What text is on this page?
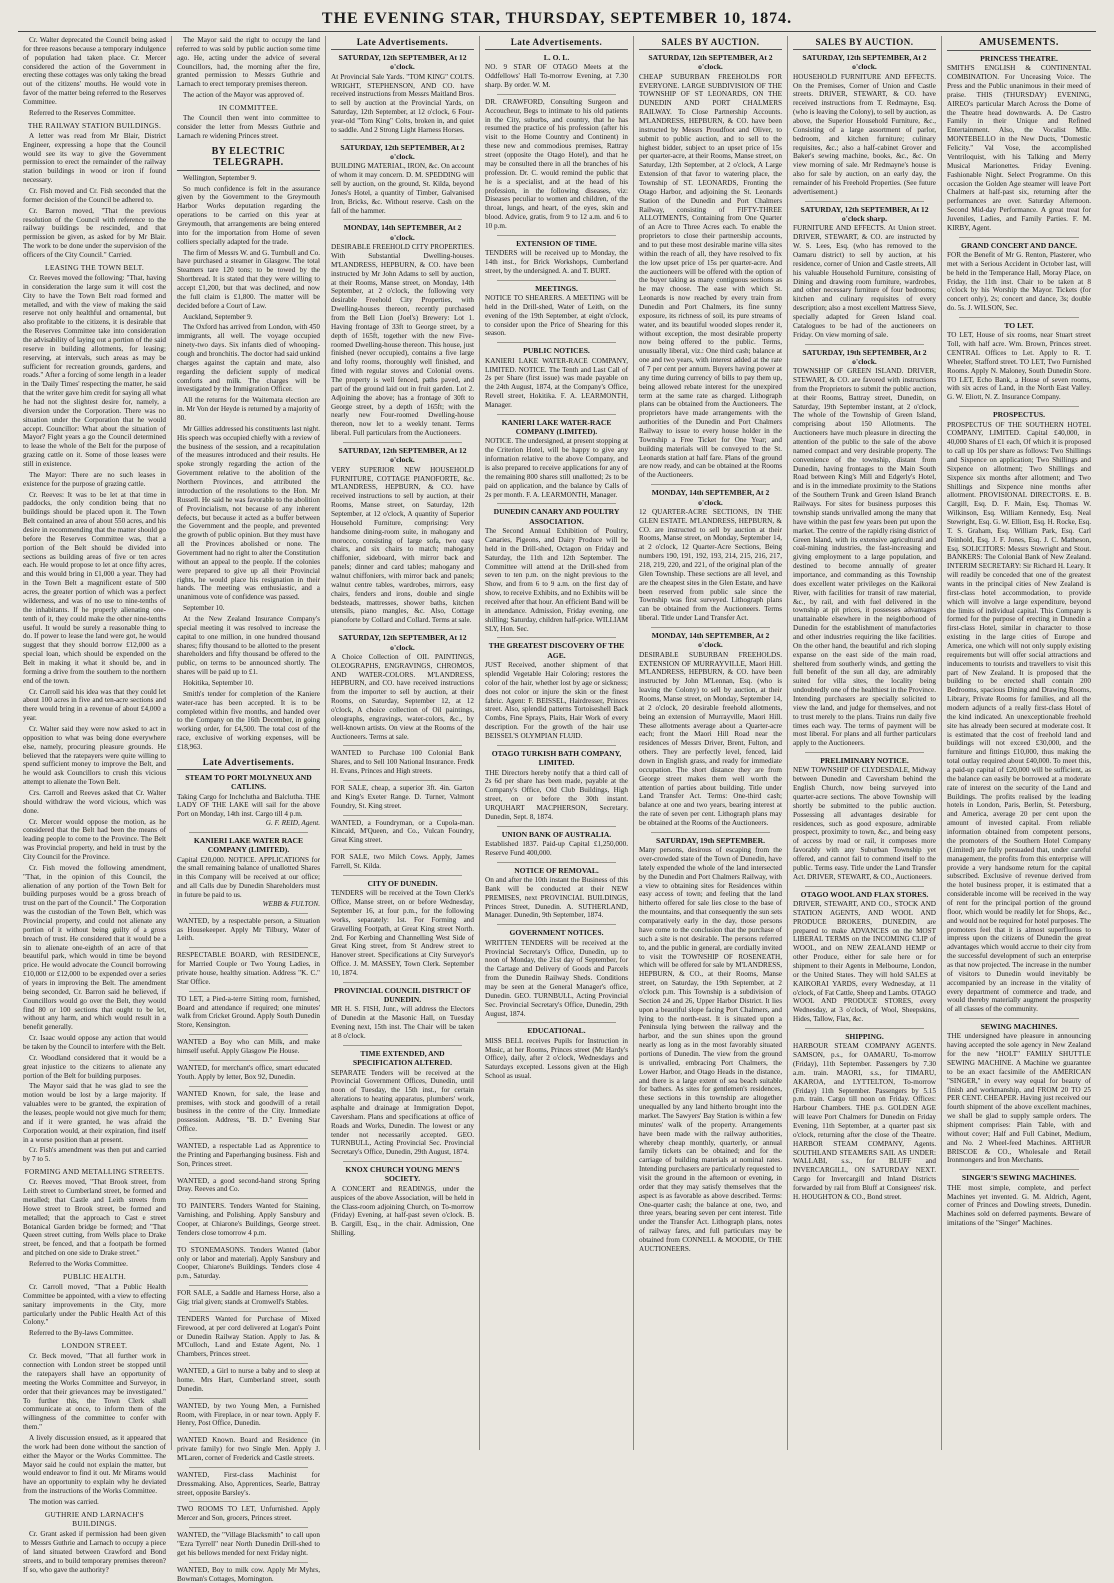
THE EVENING STAR, THURSDAY, SEPTEMBER 10, 1874.

Cr. Walter deprecated the Council being asked for three reasons because a temporary indulgence of population had taken place. Cr. Mercer considered the action of the Government in erecting these cottages was only taking the bread out of the citizens' mouths. He would vote in favor of the matter being referred to the Reserves Committee.

Referred to the Reserves Committee.

THE RAILWAY STATION BUILDINGS.

A letter was read from Mr Blair, District Engineer, expressing a hope that the Council would see its way to give the Government permission to erect the remainder of the railway station buildings in wood or iron if found necessary.

Cr. Fish moved and Cr. Fish seconded that the former decision of the Council be adhered to.

Cr. Barron moved, "That the previous resolution of the Council with reference to the railway buildings be rescinded, and that permission be given, as asked for by Mr Blair. The work to be done under the supervision of the officers of the City Council." Carried.

LEASING THE TOWN BELT.

Cr. Reeves moved the following: "That, having in consideration the large sum it will cost the City to have the Town Belt road formed and metalled, and with the view of making the said reserve not only healthful and ornamental, but also profitable to the citizens, it is desirable that the Reserves Committee take into consideration the advisability of laying out a portion of the said reserve in building allotments, for leasing; reserving, at intervals, such areas as may be sufficient for recreation grounds, gardens, and roads." After a forcing of some length in a leader in the 'Daily Times' respecting the matter, he said that the writer gave him credit for saying all what he had not the slightest desire for, namely, a diversion under the Corporation. There was no situation under the Corporation that he would accept. Councillor: What about the situation of Mayor? Fight years a go the Council determined to lease the whole of the Belt for the purpose of grazing cattle on it. Some of those leases were still in existence.

The Mayor: There are no such leases in existence for the purpose of grazing cattle.

Cr. Reeves: It was to be let at that time in paddocks, the only condition being that no buildings should be placed upon it. The Town Belt contained an area of about 550 acres, and his desire in recommending that the matter should go before the Reserves Committee was, that a portion of the Belt should be divided into sections as building areas of five or ten acres each. He would propose to let at once fifty acres, and this would bring in £1,000 a year. They had in the Town Belt a magnificent estate of 500 acres, the greater portion of which was a perfect wilderness, and was of no use to nine-tenths of the inhabitants. If he properly alienating one-tenth of it, they could make the other nine-tenths useful. It would be surely a reasonable thing to do. If power to lease the land were got, he would suggest that they should borrow £12,000 as a special loan, which should be expended on the Belt in making it what it should be, and in forming a drive from the southern to the northern end of the town.

Cr. Carroll said his idea was that they could let about 100 acres in five and ten-acre sections and there would bring in a revenue of about £4,000 a year.

Cr. Walter said they were now asked to act in opposition to what was being done everywhere else, namely, procuring pleasure grounds. He believed that the ratepayers were quite willing to spend sufficient money to improve the Belt, and he would ask Councillors to crush this vicious attempt to alienate the Town Belt.

Crs. Carroll and Reeves asked that Cr. Walter should withdraw the word vicious, which was done.

Cr. Mercer would oppose the motion, as he considered that the Belt had been the means of leading people to come to the Province. The Belt was Provincial property, and held in trust by the City Council for the Province.

Cr. Fish moved the following amendment, "That, in the opinion of this Council, the alienation of any portion of the Town Belt for building purposes would be a gross breach of trust on the part of the Council." The Corporation was the custodian of the Town Belt, which was Provincial property, and could not alienate any portion of it without being guilty of a gross breach of trust. He considered that it would be a sin to alienate one-eighth of an acre of that beautiful park, which would in time be beyond price. He would advocate the Council borrowing £10,000 or £12,000 to be expended over a series of years in improving the Belt. The amendment being seconded, Cr. Barron said he believed, if Councillors would go over the Belt, they would find 80 or 100 sections that ought to be let, without any harm, and which would result in a benefit generally.

Cr. Isaac would oppose any action that would be taken by the Council to interfere with the Belt.

Cr. Woodland considered that it would be a great injustice to the citizens to alienate any portion of the Belt for building purposes.

The Mayor said that he was glad to see the motion would be lost by a large majority. If valuables were to be granted, the expiration of the leases, people would not give much for them; and if it were granted, he was afraid the Corporation would, at their expiration, find itself in a worse position than at present.

Cr. Fish's amendment was then put and carried by 7 to 5.

FORMING AND METALLING STREETS.

Cr. Reeves moved, "That Brook street, from Leith street to Cumberland street, be formed and metalled; that Castle and Leith streets from Howe street to Brook street, be formed and metalled; that the approach to Cast e street Botanical Garden bridge be formed; and "That Queen street cutting, from Wells place to Drake street, be fenced, and that a footpath be formed and pitched on one side to Drake street."

Referred to the Works Committee.

PUBLIC HEALTH.

Cr. Carroll moved, "That a Public Health Committee be appointed, with a view to effecting sanitary improvements in the City, more particularly under the Public Health Act of this Colony."

Referred to the By-laws Committee.

LONDON STREET.

Cr. Beck moved, "That all further work in connection with London street be stopped until the ratepayers shall have an opportunity of meeting the Works Committee and Surveyor, in order that their grievances may be investigated." To further this, the Town Clerk shall communicate at once, to inform them of the willingness of the committee to confer with them."

A lively discussion ensued, as it appeared that the work had been done without the sanction of either the Mayor or the Works Committee. The Mayor said he could not explain the matter, but would endeavor to find it out. Mr Mirams would have an opportunity to explain why he deviated from the instructions of the Works Committee.

The motion was carried.

GUTHRIE AND LARNACH'S BUILDINGS.

Cr. Grant asked if permission had been given to Messrs Guthrie and Larnach to occupy a piece of land situated between Crawford and Bond streets, and to build temporary premises thereon? If so, who gave the authority?

The Mayor said the right to occupy the land referred to was sold by public auction some time ago. He, acting under the advice of several Councillors, had, the morning after the fire, granted permission to Messrs Guthrie and Larnach to erect temporary premises thereon.

The action of the Mayor was approved of.

IN COMMITTEE.

The Council then went into committee to consider the letter from Messrs Guthrie and Larnach re widening Princes street.

BY ELECTRIC TELEGRAPH.

Wellington, September 9.

So much confidence is felt in the assurance given by the Government to the Greymouth Harbor Works deputation regarding the operations to be carried on this year at Greymouth, that arrangements are being entered into for the importation from Home of seven colliers specially adapted for the trade.

The firm of Messrs W. and G. Turnbull and Co. have purchased a steamer in Glasgow. The total Steamers tare 120 tons; to be towed by the Shortbread. It is stated that they were willing to accept £1,200, but that was declined, and now the full claim is £1,800. The matter will be decided before a Court of Law.

Auckland, September 9.

The Oxford has arrived from London, with 450 immigrants, all well. The voyage occupied ninety-two days. Six infants died of whooping-cough and bronchitis. The doctor had said unkind charges against the captain and mate, also regarding the deficient supply of medical comforts and milk. The charges will be investigated by the Immigration Officer.

All the returns for the Waitemata election are in. Mr Von der Heyde is returned by a majority of 80.

Mr Gillies addressed his constituents last night. His speech was occupied chiefly with a review of the business of the session, and a recapitulation of the measures introduced and their results. He spoke strongly regarding the action of the Government relative to the abolition of the Northern Provinces, and attributed the introduction of the resolutions to the Hon. Mr Russell. He said he was favorable to the abolition of Provincialism, not because of any inherent defects, but because it acted as a buffer between the Government and the people, and prevented the growth of public opinion. But they must have all the Provinces abolished or none. The Government had no right to alter the Constitution without an appeal to the people. If the colonies were prepared to give up all their Provincial rights, he would place his resignation in their hands. The meeting was enthusiastic, and a unanimous vote of confidence was passed.

September 10.

At the New Zealand Insurance Company's special meeting it was resolved to increase the capital to one million, in one hundred thousand shares; fifty thousand to be allotted to the present shareholders and fifty thousand be offered to the public, on terms to be announced shortly. The shares will be paid up to £1.

Hokitika, September 10.

Smith's tender for completion of the Kaniere water-race has been accepted. It is to be completed within five months, and handed over to the Company on the 16th December, in going working order, for £4,500. The total cost of the race, exclusive of working expenses, will be £18,963.

Late Advertisements.
STEAM TO PORT MOLYNEUX AND CATLINS.
Taking Cargo for Inchclutha and Balclutha. THE LADY OF THE LAKE will sail for the above Port on Monday, 14th inst. Cargo till 4 p.m.
G. F. REID, Agent.
KANIERI LAKE WATER RACE COMPANY (LIMITED).
Capital £20,000. NOTICE. APPLICATIONS for the small remaining balance of unallotted Shares in this Company will be received at our office; and all Calls due by Dunedin Shareholders must in future be paid to us.
WEBB & FULTON.
WANTED, by a respectable person, a Situation as Housekeeper. Apply Mr Tilbury, Water of Leith.
RESPECTABLE BOARD, with RESIDENCE, for Married Couple or Two Young Ladies, in private house, healthy situation. Address "K. C." Star Office.
TO LET, a Pied-a-terre Sitting room, furnished, Board and attendance if required; one minutes' walk from Cricket Ground. Apply South Dunedin Store, Kensington.
WANTED a Boy who can Milk, and make himself useful. Apply Glasgow Pie House.
WANTED, for merchant's office, smart educated Youth. Apply by letter, Box 92, Dunedin.
WANTED Known, for sale, the lease and premises, with stock and goodwill of a retail business in the centre of the City. Immediate possession. Address, "B. D." Evening Star Office.
WANTED, a respectable Lad as Apprentice to the Printing and Paperhanging business. Fish and Son, Princes street.
WANTED, a good second-hand strong Spring Dray. Reeves and Co.
TO PAINTERS. Tenders Wanted for Staining, Varnishing, and Polishing. Apply Sansbury and Cooper, at Chiarone's Buildings, George street. Tenders close tomorrow 4 p.m.
TO STONEMASONS. Tenders Wanted (labor only or labor and material). Apply Sansbury and Cooper, Chiarone's Buildings. Tenders close 4 p.m., Saturday.
FOR SALE, a Saddle and Harness Horse, also a Gig; trial given; stands at Cromwell's Stables.
TENDERS Wanted for Purchase of Mixed Firewood, at per cord delivered at Logan's Point or Dunedin Railway Station. Apply to Jas. & M'Culloch, Land and Estate Agent, No. 1 Chambers, Princes street.
WANTED, a Girl to nurse a baby and to sleep at home. Mrs Hart, Cumberland street, south Dunedin.
WANTED, by two Young Men, a Furnished Room, with Fireplace, in or near town. Apply F. Henry, Post Office, Dunedin.
WANTED Known. Board and Residence (in private family) for two Single Men. Apply J. M'Laren, corner of Frederick and Castle streets.
WANTED, First-class Machinist for Dressmaking. Also, Apprentices, Searle, Battray street, opposite Barsley's.
TWO ROOMS TO LET, Unfurnished. Apply Mercer and Son, grocers, Princes street.
WANTED, the "Village Blacksmith" to call upon "Ezra Tyrrell" near North Dunedin Drill-shed to get his bellows mended for next Friday night.
WANTED, Boy to milk cow. Apply Mr Myhrs, Bowman's Cottages, Mornington.
Late Advertisements.
SATURDAY, 12th SEPTEMBER, At 12 o'clock.
At Provincial Sale Yards. "TOM KING" COLTS. WRIGHT, STEPHENSON, AND CO. have received instructions from Messrs Maitland Bros. to sell by auction at the Provincial Yards, on Saturday, 12th September, at 12 o'clock, 6 Four-year-old "Tom King" Colts, broken in, and quiet to saddle. And 2 Strong Light Harness Horses.
SATURDAY, 12th SEPTEMBER, At 2 o'clock.
BUILDING MATERIAL, IRON, &c. On account of whom it may concern. D. M. SPEDDING will sell by auction, on the ground, St. Kilda, beyond Jones's Hotel, a quantity of Timber, Galvanised Iron, Bricks, &c. Without reserve. Cash on the fall of the hammer.
MONDAY, 14th SEPTEMBER, At 2 o'clock.
DESIRABLE FREEHOLD CITY PROPERTIES. With Substantial Dwelling-houses. M'LANDRESS, HEPBURN, & CO. have been instructed by Mr John Adams to sell by auction, at their Rooms, Manse street, on Monday, 14th September, at 2 o'clock, the following very desirable Freehold City Properties, with Dwelling-houses thereon, recently purchased from the Bell Lion (Joel's) Brewery: Lot 1. Having frontage of 33ft to George street, by a depth of 165ft, together with the new Five-roomed Dwelling-house thereon. This house, just finished (never occupied), contains a five large and lofty rooms, thoroughly well finished, and fitted with regular stoves and Colonial ovens. The property is well fenced, paths paved, and part of the ground laid out in fruit garden. Lot 2. Adjoining the above; has a frontage of 30ft to George street, by a depth of 165ft; with the nearly new Four-roomed Dwelling-house thereon, now let to a weekly tenant. Terms liberal. Full particulars from the Auctioneers.
SATURDAY, 12th SEPTEMBER, At 12 o'clock.
VERY SUPERIOR NEW HOUSEHOLD FURNITURE, COTTAGE PIANOFORTE, &c. M'LANDRESS, HEPBURN, & CO. have received instructions to sell by auction, at their Rooms, Manse street, on Saturday, 12th September, at 12 o'clock, A quantity of Superior Household Furniture, comprising: Very handsome dining-room suite, in mahogany and morocco, consisting of large sofa, two easy chairs, and six chairs to match; mahogany chiffonier, sideboard, with mirror back and panels; dinner and card tables; mahogany and walnut chiffoniers, with mirror back and panels; walnut centre tables, wardrobes, mirrors, easy chairs, fenders and irons, double and single bedsteads, mattresses, shower baths, kitchen utensils, piano mangles, &c. Also, Cottage pianoforte by Collard and Collard. Terms at sale.
SATURDAY, 12th SEPTEMBER, At 12 o'clock.
A Choice Collection of OIL PAINTINGS, OLEOGRAPHS, ENGRAVINGS, CHROMOS, AND WATER-COLORS. M'LANDRESS, HEPBURN, and CO. have received instructions from the importer to sell by auction, at their Rooms, on Saturday, September 12, at 12 o'clock, A choice collection of Oil paintings, oleographs, engravings, water-colors, &c., by well-known artists. On view at the Rooms of the Auctioneers. Terms at sale.
WANTED to Purchase 100 Colonial Bank Shares, and to Sell 100 National Insurance. Fredk H. Evans, Princes and High streets.
FOR SALE, cheap, a superior 3ft. 4in. Garton and King's Exeter Range. D. Turner, Valmont Foundry, St. King street.
WANTED, a Foundryman, or a Cupola-man. Kincaid, M'Queen, and Co., Vulcan Foundry, Great King street.
FOR SALE, two Milch Cows. Apply, James Farrell, St. Kilda.
CITY OF DUNEDIN.
TENDERS will be received at the Town Clerk's Office, Manse street, on or before Wednesday, September 16, at four p.m., for the following works, separately: 1st. For Forming and Gravelling Footpath, at Great King street North. 2nd. For Kerbing and Channelling West Side of Great King street, from St Andrew street to Hanover street. Specifications at City Surveyor's Office. J. M. MASSEY, Town Clerk. September 10, 1874.
PROVINCIAL COUNCIL DISTRICT OF DUNEDIN.
MR H. S. FISH, Junr., will address the Electors of Dunedin at the Masonic Hall, on Tuesday Evening next, 15th inst. The Chair will be taken at 8 o'clock.
TIME EXTENDED, AND SPECIFICATION ALTERED.
SEPARATE Tenders will be received at the Provincial Government Offices, Dunedin, until noon of Tuesday, the 15th inst., for certain alterations to heating apparatus, plumbers' work, asphalte and drainage at Immigration Depot, Caversham. Plans and specifications at office of Roads and Works, Dunedin. The lowest or any tender not necessarily accepted. GEO. TURNBULL, Acting Provincial Sec. Provincial Secretary's Office, Dunedin, 29th August, 1874.
KNOX CHURCH YOUNG MEN'S SOCIETY.
A CONCERT and READINGS, under the auspices of the above Association, will be held in the Class-room adjoining Church, on To-morrow (Friday) Evening, at half-past seven o'clock. B. B. Cargill, Esq., in the chair. Admission, One Shilling.
Late Advertisements.
L. O. L.
NO. 9 STAR OF OTAGO Meets at the Oddfellows' Hall To-morrow Evening, at 7.30 sharp. By order. W. M.
DR. CRAWFORD, Consulting Surgeon and Accoucheur, Begs to intimate to his old patients in the City, suburbs, and country, that he has resumed the practice of his profession (after his visit to the Home Country and Continent) in these new and commodious premises, Rattray street (opposite the Otago Hotel), and that he may be consulted there in all the branches of his profession. Dr. C. would remind the public that he is a specialist, and at the head of his profession, in the following diseases, viz: Diseases peculiar to women and children, of the throat, lungs, and heart, of the eyes, skin and blood. Advice, gratis, from 9 to 12 a.m. and 6 to 10 p.m.
EXTENSION OF TIME.
TENDERS will be received up to Monday, the 14th inst., for Brick Workshops, Cumberland street, by the undersigned. A. and T. BURT.
MEETINGS.
NOTICE TO SHEARERS. A MEETING will be held in the Drill-shed, Water of Leith, on the evening of the 19th September, at eight o'clock, to consider upon the Price of Shearing for this season.
PUBLIC NOTICES.
KANIERI LAKE WATER-RACE COMPANY, LIMITED. NOTICE. The Tenth and Last Call of 2s per Share (first issue) was made payable on the 24th August, 1874, at the Company's Office, Revell street, Hokitika. F. A. LEARMONTH, Manager.
KANIERI LAKE WATER-RACE COMPANY (LIMITED).
NOTICE. The undersigned, at present stopping at the Criterion Hotel, will be happy to give any information relative to the above Company, and is also prepared to receive applications for any of the remaining 800 shares still unallotted; 2s to be paid on application, and the balance by Calls of 2s per month. F. A. LEARMONTH, Manager.
DUNEDIN CANARY AND POULTRY ASSOCIATION.
The Second Annual Exhibition of Poultry, Canaries, Pigeons, and Dairy Produce will be held in the Drill-shed, Octagon on Friday and Saturday, the 11th and 12th September. The Committee will attend at the Drill-shed from seven to ten p.m. on the night previous to the Show, and from 6 to 9 a.m. on the first day of show, to receive Exhibits, and no Exhibits will be received after that hour. An efficient Band will be in attendance. Admission, Friday evening, one shilling; Saturday, children half-price. WILLIAM SLY, Hon. Sec.
THE GREATEST DISCOVERY OF THE AGE.
JUST Received, another shipment of that splendid Vegetable Hair Coloring; restores the color of the hair, whether lost by age or sickness; does not color or injure the skin or the finest fabric. Agent: F. BEISSEL, Hairdresser, Princes street. Also, splendid patterns Tortoiseshell Back Combs, Fine Sprays, Plaits, Hair Work of every description. For the growth of the hair use BEISSEL'S OLYMPIAN FLUID.
OTAGO TURKISH BATH COMPANY, LIMITED.
THE Directors hereby notify that a third call of 2s 6d per share has been made, payable at the Company's Office, Old Club Buildings, High street, on or before the 30th instant. URQUHART MACPHERSON, Secretary. Dunedin, Sept. 8, 1874.
UNION BANK OF AUSTRALIA.
Established 1837. Paid-up Capital £1,250,000. Reserve Fund 400,000.
NOTICE OF REMOVAL.
On and after the 10th instant the Business of this Bank will be conducted at their NEW PREMISES, next PROVINCIAL BUILDINGS, Princes Street, Dunedin. A. SUTHERLAND, Manager. Dunedin, 9th September, 1874.
GOVERNMENT NOTICES.
WRITTEN TENDERS will be received at the Provincial Secretary's Office, Dunedin, up to noon of Monday, the 21st day of September, for the Cartage and Delivery of Goods and Parcels from the Dunedin Railway Sheds. Conditions may be seen at the General Manager's office, Dunedin. GEO. TURNBULL, Acting Provincial Sec. Provincial Secretary's Office, Dunedin, 29th August, 1874.
EDUCATIONAL.
MISS BELL receives Pupils for Instruction in Music, at her Rooms, Princes street (Mr Hardy's Office), daily, after 2 o'clock, Wednesdays and Saturdays excepted. Lessons given at the High School as usual.
SALES BY AUCTION.
SATURDAY, 12th SEPTEMBER, At 2 o'clock.
CHEAP SUBURBAN FREEHOLDS FOR EVERYONE. LARGE SUBDIVISION OF THE TOWNSHIP OF ST LEONARDS, ON THE DUNEDIN AND PORT CHALMERS RAILWAY. To Close Partnership Accounts. M'LANDRESS, HEPBURN, & CO. have been instructed by Messrs Proudfoot and Oliver, to submit to public auction, and to sell to the highest bidder, subject to an upset price of 15s per quarter-acre, at their Rooms, Manse street, on Saturday, 12th September, at 2 o'clock, A Large Extension of that favor to watering place, the Township of ST. LEONARDS, Fronting the Otago Harbor, and adjoining the St. Leonards Station of the Dunedin and Port Chalmers Railway, consisting of FIFTY-THREE ALLOTMENTS, Containing from One Quarter of an Acre to Three Acres each. To enable the proprietors to close their partnership accounts, and to put these most desirable marine villa sites within the reach of all, they have resolved to fix the low upset price of 15s per quarter-acre. And the auctioneers will be offered with the option of the buyer taking as many contiguous sections as he may choose. The ease with which St. Leonards is now reached by every train from Dunedin and Port Chalmers, its fine sunny exposure, its richness of soil, its pure streams of water, and its beautiful wooded slopes render it, without exception, the most desirable property now being offered to the public. Terms, unusually liberal, viz.: One third cash; balance at one and two years, with interest added at the rate of 7 per cent per annum. Buyers having power at any time during currency of bills to pay them up, being allowed rebate interest for the unexpired term at the same rate as charged. Lithograph plans can be obtained from the Auctioneers. The proprietors have made arrangements with the authorities of the Dunedin and Port Chalmers Railway to issue to every house holder in the Township a Free Ticket for One Year; and building materials will be conveyed to the St. Leonards station at half fare. Plans of the ground are now ready, and can be obtained at the Rooms of the Auctioneers.
MONDAY, 14th SEPTEMBER, At 2 o'clock.
12 QUARTER-ACRE SECTIONS, IN THE GLEN ESTATE. M'LANDRESS, HEPBURN, & CO. are instructed to sell by auction at their Rooms, Manse street, on Monday, September 14, at 2 o'clock, 12 Quarter-Acre Sections, Being numbers 190, 191, 192, 193, 214, 215, 216, 217, 218, 219, 220, and 221, of the original plan of the Glen Township. These sections are all level, and are the cheapest sites in the Glen Estate, and have been reserved from public sale since the Township was first surveyed. Lithograph plans can be obtained from the Auctioneers. Terms liberal. Title under Land Transfer Act.
MONDAY, 14th SEPTEMBER, At 2 o'clock.
DESIRABLE SUBURBAN FREEHOLDS. EXTENSION OF MURRAYVILLE, Maori Hill. M'LANDRESS, HEPBURN, & CO. have been instructed by John M'Lennan, Esq. (who is leaving the Colony) to sell by auction, at their Rooms, Manse street, on Monday, September 14, at 2 o'clock, 20 desirable freehold allotments, being an extension of Murrayville, Maori Hill. These allotments average about a Quarter-acre each; front the Maori Hill Road near the residences of Messrs Driver, Brent, Fulton, and others. They are perfectly level, fenced, laid down in English grass, and ready for immediate occupation. The short distance they are from George street makes them well worth the attention of parties about building. Title under Land Transfer Act. Terms: One-third cash; balance at one and two years, bearing interest at the rate of seven per cent. Lithograph plans may be obtained at the Rooms of the Auctioneers.
SATURDAY, 19th SEPTEMBER.
Many persons, desirous of escaping from the over-crowded state of the Town of Dunedin, have lately expended the whole of the land intersected by the Dunedin and Port Chalmers Railway, with a view to obtaining sites for Residences within easy access of town; and feeling that the land hitherto offered for sale lies close to the base of the mountains, and that consequently the sun sets comparatively early in the day, those persons have come to the conclusion that the purchase of such a site is not desirable. The persons referred to, and the public in general, are cordially invited to visit the TOWNSHIP OF ROSENEATH, which will be offered for sale by M'LANDRESS, HEPBURN, & CO., at their Rooms, Manse street, on Saturday, the 19th September, at 2 o'clock p.m. This Township is a subdivision of Section 24 and 26, Upper Harbor District. It lies upon a beautiful slope facing Port Chalmers, and lying to the north-east. It is situated upon a Peninsula lying between the railway and the harbor, and the sun shines upon the ground nearly as long as in the most favorably situated portions of Dunedin. The view from the ground is unrivalled, embracing Port Chalmers, the Lower Harbor, and Otago Heads in the distance, and there is a large extent of sea beach suitable for bathers. As sites for gentlemen's residences, these sections in this township are altogether unequalled by any land hitherto brought into the market. The Sawyers' Bay Station is within a few minutes' walk of the property. Arrangements have been made with the railway authorities, whereby cheap monthly, quarterly, or annual family tickets can be obtained; and for the carriage of building materials at nominal rates. Intending purchasers are particularly requested to visit the ground in the afternoon or evening, in order that they may satisfy themselves that the aspect is as favorable as above described. Terms: One-quarter cash; the balance at one, two, and three years, bearing seven per cent interest. Title under the Transfer Act. Lithograph plans, notes of railway fares, and full particulars may be obtained from CONNELL & MOODIE, Or THE AUCTIONEERS.
SALES BY AUCTION.
SATURDAY, 12th SEPTEMBER, At 2 o'clock.
HOUSEHOLD FURNITURE AND EFFECTS. On the Premises, Corner of Union and Castle streets. DRIVER, STEWART, & CO. have received instructions from T. Redmayne, Esq. (who is leaving the Colony), to sell by auction, as above, the Superior Household Furniture, &c., Consisting of a large assortment of parlor, bedroom, and kitchen furniture; culinary requisites, &c.; also a half-cabinet Grover and Baker's sewing machine, books, &c., &c. On view morning of sale. Mr Redmayne's house is also for sale by auction, on an early day, the remainder of his Freehold Properties. (See future advertisement.)
SATURDAY, 12th SEPTEMBER, At 12 o'clock sharp.
FURNITURE AND EFFECTS. At Union street. DRIVER, STEWART, & CO. are instructed by W. S. Lees, Esq. (who has removed to the Oamaru district) to sell by auction, at his residence, corner of Union and Castle streets, All his valuable Household Furniture, consisting of Dining and drawing room furniture, wardrobes, and other necessary furniture of four bedrooms; kitchen and culinary requisites of every description; also a most excellent Mattress Sieve, specially adapted for Green Island coal. Catalogues to be had of the auctioneers on Friday. On view morning of sale.
SATURDAY, 19th SEPTEMBER, At 2 o'clock.
TOWNSHIP OF GREEN ISLAND. DRIVER, STEWART, & CO. are favored with instructions from the Proprietors to submit the public auction, at their Rooms, Battray street, Dunedin, on Saturday, 19th September instant, at 2 o'clock, The whole of the Township of Green Island, comprising about 150 Allotments. The Auctioneers have much pleasure in directing the attention of the public to the sale of the above named compact and very desirable property. The convenience of the township, distant from Dunedin, having frontages to the Main South Road between King's Mill and Edgerly's Hotel, and is in the immediate proximity to the Stations of the Southern Trunk and Green Island Branch Railways. For sites for business purposes this township stands unrivalled among the many that have within the past few years been put upon the market. The centre of the rapidly rising district of Green Island, with its extensive agricultural and coal-mining industries, the fast-increasing and giving employment to a large population, and destined to become annually of greater importance, and commanding as this Township does excellent water privileges on the Kaikorai River, with facilities for transit of raw material, &c., by rail, and with fuel delivered in the township at pit prices, it possesses advantages unattainable elsewhere in the neighborhood of Dunedin for the establishment of manufactories and other industries requiring the like facilities. On the other hand, the beautiful and rich sloping expanse on the east side of the main road, sheltered from southerly winds, and getting the full benefit of the sun all day, are admirably suited for villa sites, the locality being undoubtedly one of the healthiest in the Province. Intending purchasers are specially solicited to view the land, and judge for themselves, and not to trust merely to the plans. Trains run daily five times each way. The terms of payment will be most liberal. For plans and all further particulars apply to the Auctioneers.
PRELIMINARY NOTICE.
NEW TOWNSHIP OF CLYDESDALE, Midway between Dunedin and Caversham behind the English Church, now being surveyed into quarter-acre sections. The above Township will shortly be submitted to the public auction. Possessing all advantages desirable for residences, such as good exposure, admirable prospect, proximity to town, &c., and being easy of access by road or rail, it composes more favorably with any Suburban Township yet offered, and cannot fail to commend itself to the public. Terms easy. Title under the Land Transfer Act. DRIVER, STEWART, & CO., Auctioneers.
OTAGO WOOL AND FLAX STORES.
DRIVER, STEWART, AND CO., STOCK AND STATION AGENTS, AND WOOL AND PRODUCE BROKERS, DUNEDIN, are prepared to make ADVANCES on the MOST LIBERAL TERMS on the INCOMING CLIP of WOOL, and on NEW ZEALAND HEMP or other Produce, either for sale here or for shipment to their Agents in Melbourne, London, or the United States. They will hold SALES at KAIKORAI YARDS, every Wednesday, at 11 o'clock, of Fat Cattle, Sheep and Lambs. OTAGO WOOL AND PRODUCE STORES, every Wednesday, at 3 o'clock, of Wool, Sheepskins, Hides, Tallow, Flax, &c.
SHIPPING.
HARBOUR STEAM COMPANY AGENTS. SAMSON, p.s., for OAMARU, To-morrow (Friday), 11th September. Passengers by 7.30 a.m. train. MAORI, s.s., for TIMARU, AKAROA, and LYTTELTON, To-morrow (Friday) 11th September. Passengers by 5.15 p.m. train. Cargo till noon on Friday. Offices: Harbour Chambers. THE p.s. GOLDEN AGE will leave Port Chalmers for Dunedin on Friday Evening, 11th September, at a quarter past six o'clock, returning after the close of the Theatre. HARBOR STEAM COMPANY, Agents. SOUTHLAND STEAMERS SAIL AS UNDER: WALLABI, s.s., for BLUFF and INVERCARGILL, ON SATURDAY NEXT. Cargo for Invercargill and Inland Districts forwarded by rail from Bluff at Consignees' risk. H. HOUGHTON & CO., Bond street.
AMUSEMENTS.
PRINCESS THEATRE.
SMITH'S ENGLISH & CONTINENTAL COMBINATION. For Unceasing Voice. The Press and the Public unanimous in their meed of praise. THIS (THURSDAY) EVENING, AIREO's particular March Across the Dome of the Theatre head downwards. A. De Castro Family in their Unique and Refined Entertainment. Also, the Vocalist Mlle. MONTEBELLO in the New Ducts, "Domestic Felicity." Val Vose, the accomplished Ventriloquist, with his Talking and Merry Musical Marionettes. Friday Evening. Fashionable Night. Select Programme. On this occasion the Golden Age steamer will leave Port Chalmers at half-past six, returning after the performances are over. Saturday Afternoon. Second Mid-day Performance. A great treat for Juveniles, Ladies, and Family Parties. F. M. KIRBY, Agent.
GRAND CONCERT AND DANCE.
FOR the Benefit of Mr G. Renton, Plasterer, who met with a Serious Accident in October last, will be held in the Temperance Hall, Moray Place, on Friday, the 11th inst. Chair to be taken at 8 o'clock by his Worship the Mayor. Tickets (for concert only), 2s; concert and dance, 3s; double do. 5s. J. WILSON, Sec.
TO LET.
TO LET, House of six rooms, near Stuart street Toll, with half acre. Wm. Brown, Princes street. CENTRAL Offices to Let. Apply to R. T. Wheeler, Stafford street. TO LET, Two Furnished Rooms. Apply N. Maloney, South Dunedin Store. TO LET, Echo Bank, a House of seven rooms, with six acres of Land, in the North East Valley. G. W. Eliott, N. Z. Insurance Company.
PROSPECTUS.
PROSPECTUS OF THE SOUTHERN HOTEL COMPANY, LIMITED. Capital £40,000, in 40,000 Shares of £1 each, Of which it is proposed to call up 10s per share as follows: Two Shillings and Sixpence on application; Two Shillings and Sixpence on allotment; Two Shillings and Sixpence six months after allotment; and Two Shillings and Sixpence nine months after allotment. PROVISIONAL DIRECTORS. E. B. Cargill, Esq. D. F. Main, Esq. Thomas W. Wilkinson, Esq. William Kennedy, Esq. Neal Stewright, Esq. G. W. Elliott, Esq. H. Rocke, Esq. T. S. Graham, Esq. William Park, Esq. Carl Teinhold, Esq. J. F. Jones, Esq. J. C. Matheson, Esq. SOLICITORS: Messrs Stewright and Stout. BANKERS: The Colonial Bank of New Zealand. INTERIM SECRETARY: Sir Richard H. Leary. It will readily be conceded that one of the greatest wants in the principal cities of New Zealand is first-class hotel accommodation, to provide which will involve a large expenditure, beyond the limits of individual capital. This Company is formed for the purpose of erecting in Dunedin a first-class Hotel, similar in character to those existing in the large cities of Europe and America, one which will not only supply existing requirements but will offer social attractions and inducements to tourists and travellers to visit this part of New Zealand. It is proposed that the building to be erected shall contain 200 Bedrooms, spacious Dining and Drawing Rooms, Library, Private Rooms for families, and all the modern adjuncts of a really first-class Hotel of the kind indicated. An unexceptionable freehold site has already been secured at moderate cost. It is estimated that the cost of freehold land and buildings will not exceed £30,000, and the furniture and fittings £10,000, thus making the total outlay required about £40,000. To meet this, a paid-up capital of £20,000 will be sufficient, as the balance can easily be borrowed at a moderate rate of interest on the security of the Land and Buildings. The profits realised by the leading hotels in London, Paris, Berlin, St. Petersburg, and America, average 20 per cent upon the amount of invested capital. From reliable information obtained from competent persons, the promoters of the Southern Hotel Company (Limited) are fully persuaded that, under careful management, the profits from this enterprise will provide a very handsome return for the capital subscribed. Exclusive of revenue derived from the hotel business proper, it is estimated that a considerable income will be received in the way of rent for the principal portion of the ground floor, which would be readily let for Shops, &c., and would not be required for hotel purposes. The promoters feel that it is almost superfluous to impress upon the citizens of Dunedin the great advantages which would accrue to their city from the successful development of such an enterprise as that now projected. The increase in the number of visitors to Dunedin would inevitably be accompanied by an increase in the vitality of every department of commerce and trade, and would thereby materially augment the prosperity of all classes of the community.
SEWING MACHINES.
THE undersigned have pleasure in announcing having accepted the sole agency in New Zealand for the new "HOLT" FAMILY SHUTTLE SEWING MACHINE. A Machine we guarantee to be an exact facsimile of the AMERICAN "SINGER," in every way equal for beauty of finish and workmanship, and FROM 20 TO 25 PER CENT. CHEAPER. Having just received our fourth shipment of the above excellent machines, we shall be glad to supply sample orders. The shipment comprises: Plain Table, with and without cover; Half and Full Cabinet, Medium, and No. 2 Wheel-feed Machines. ARTHUR BRISCOE & CO., Wholesale and Retail Ironmongers and Iron Merchants.
SINGER'S SEWING MACHINES.
THE most simple, complete, and perfect Machines yet invented. G. M. Aldrich, Agent, corner of Princes and Dowling streets, Dunedin. Machines sold on deferred payments. Beware of imitations of the "Singer" Machines.
